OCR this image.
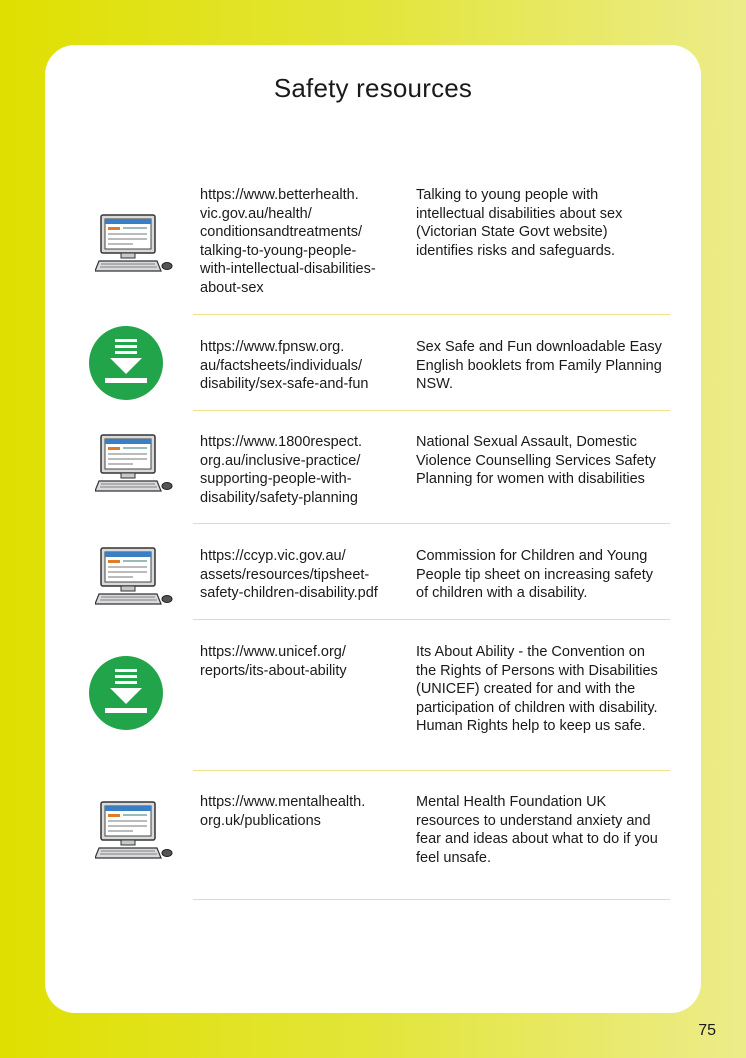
Safety resources
https://www.betterhealth.
vic.gov.au/health/
conditionsandtreatments/
talking-to-young-people-
with-intellectual-disabilities-
about-sex
Talking to young people with intellectual disabilities about sex (Victorian State Govt website) identifies risks and safeguards.
https://www.fpnsw.org.
au/factsheets/individuals/
disability/sex-safe-and-fun
Sex Safe and Fun downloadable Easy English booklets from Family Planning NSW.
https://www.1800respect.
org.au/inclusive-practice/
supporting-people-with-
disability/safety-planning
National Sexual Assault, Domestic Violence Counselling Services Safety Planning for women with disabilities
https://ccyp.vic.gov.au/
assets/resources/tipsheet-
safety-children-disability.pdf
Commission for Children and Young People tip sheet on increasing safety of children with a disability.
https://www.unicef.org/
reports/its-about-ability
Its About Ability - the Convention on the Rights of Persons with Disabilities (UNICEF) created for and with the participation of children with disability. Human Rights help to keep us safe.
https://www.mentalhealth.
org.uk/publications
Mental Health Foundation UK resources to understand anxiety and fear and ideas about what to do if you feel unsafe.
75
